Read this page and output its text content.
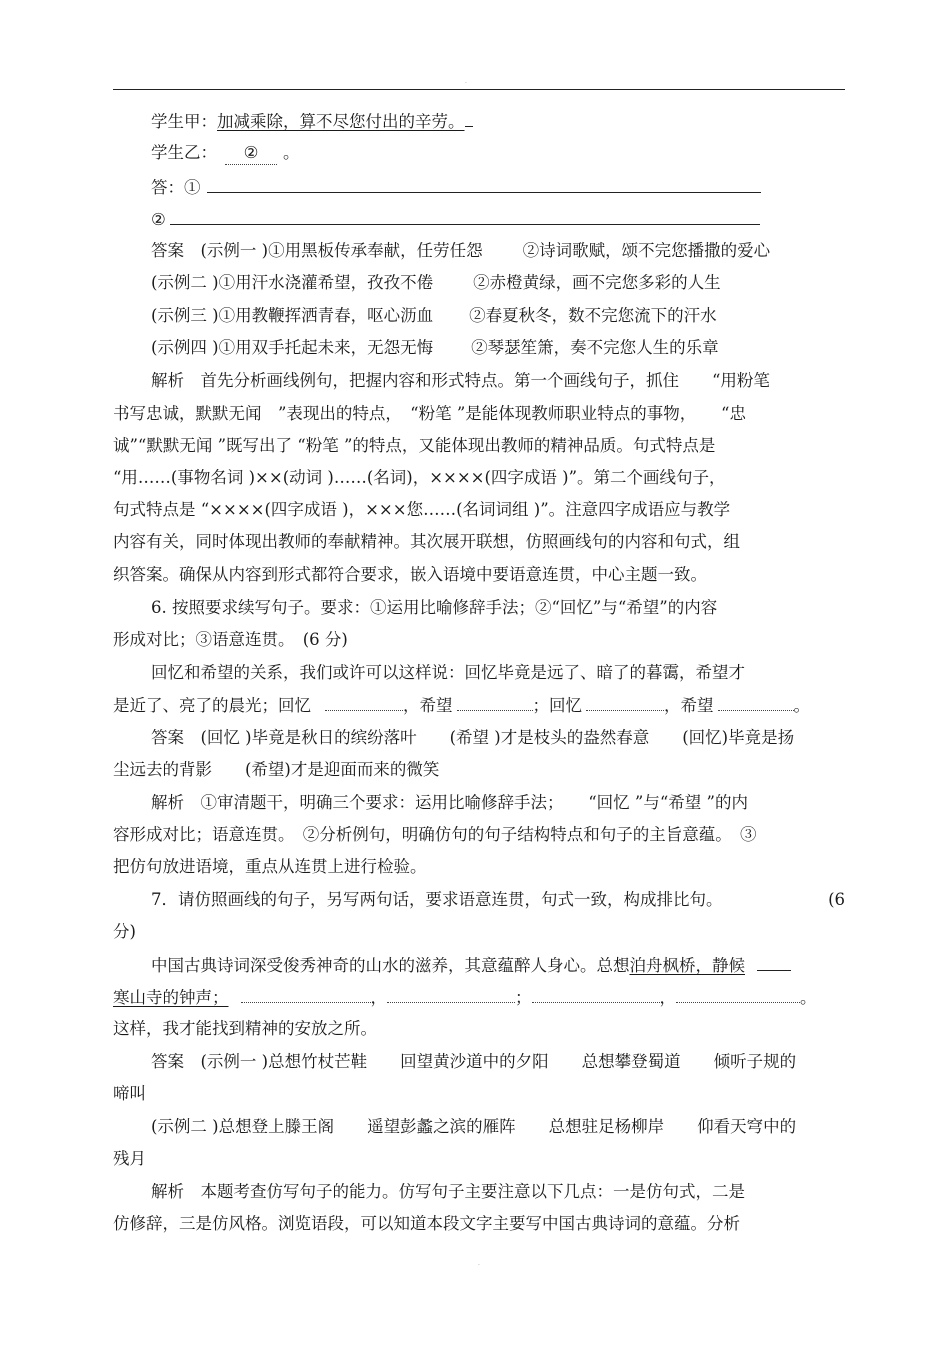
·
学生甲：加减乘除，算不尽您付出的辛劳。
学生乙： ② 。
答：①
②
答案　(示例一 )①用黑板传承奉献，任劳任怨 ②诗词歌赋，颂不完您播撒的爱心
(示例二 )①用汗水浇灌希望，孜孜不倦 ②赤橙黄绿，画不完您多彩的人生
(示例三 )①用教鞭挥洒青春，呕心沥血 ②春夏秋冬，数不完您流下的汗水
(示例四 )①用双手托起未来，无怨无悔 ②琴瑟笙箫，奏不完您人生的乐章
解析　首先分析画线例句，把握内容和形式特点。第一个画线句子，抓住　　“用粉笔
书写忠诚，默默无闻　”表现出的特点，　“粉笔 ”是能体现教师职业特点的事物，　　“忠
诚”“默默无闻 ”既写出了 “粉笔 ”的特点，又能体现出教师的精神品质。句式特点是
“用……(事物名词 )××(动词 )……(名词)，××××(四字成语 )”。第二个画线句子，
句式特点是 “××××(四字成语 )，×××您……(名词词组 )”。注意四字成语应与教学
内容有关，同时体现出教师的奉献精神。其次展开联想，仿照画线句的内容和句式，组
织答案。确保从内容到形式都符合要求，嵌入语境中要语意连贯，中心主题一致。
6. 按照要求续写句子。要求：①运用比喻修辞手法；②“回忆”与“希望”的内容
形成对比；③语意连贯。　(6 分)
回忆和希望的关系，我们或许可以这样说：回忆毕竟是远了、暗了的暮霭，希望才
是近了、亮了的晨光；回忆	，希望	；回忆	，希望	。
答案　(回忆 )毕竟是秋日的缤纷落叶　　(希望 )才是枝头的盎然春意　　(回忆)毕竟是扬
尘远去的背影　　(希望)才是迎面而来的微笑
解析　①审清题干，明确三个要求：运用比喻修辞手法；　　“回忆 ”与“希望 ”的内
容形成对比；语意连贯。　②分析例句，明确仿句的句子结构特点和句子的主旨意蕴。　③
把仿句放进语境，重点从连贯上进行检验。
7．请仿照画线的句子，另写两句话，要求语意连贯，句式一致，构成排比句。	(6
分)
中国古典诗词深受俊秀神奇的山水的滋养，其意蕴醉人身心。总想泊舟枫桥，静候
寒山寺的钟声；	，	；	，	。
这样，我才能找到精神的安放之所。
答案　(示例一 )总想竹杖芒鞋　　回望黄沙道中的夕阳　　总想攀登蜀道　　倾听子规的
啼叫
(示例二 )总想登上滕王阁　　遥望彭蠡之滨的雁阵　　总想驻足杨柳岸　　仰看天穹中的
残月
解析　本题考查仿写句子的能力。仿写句子主要注意以下几点：一是仿句式，二是
仿修辞，三是仿风格。浏览语段，可以知道本段文字主要写中国古典诗词的意蕴。分析
·
